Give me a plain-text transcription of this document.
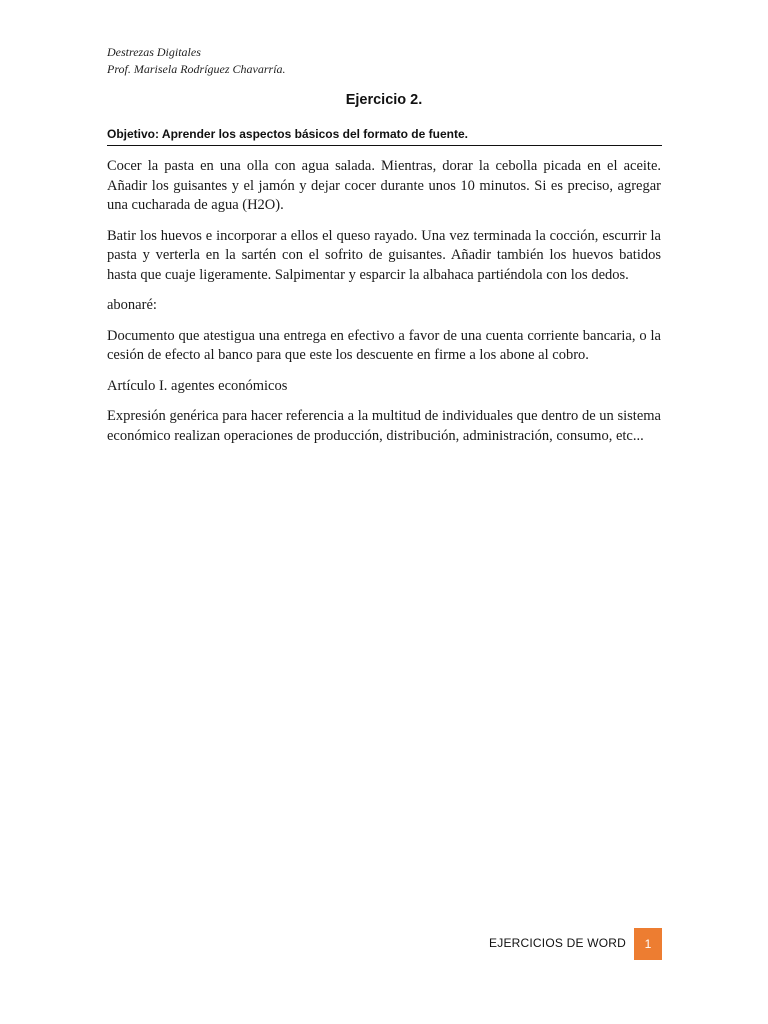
Destrezas Digitales
Prof. Marisela Rodríguez Chavarría.
Ejercicio 2.
Objetivo: Aprender los aspectos básicos del formato de fuente.

Cocer la pasta en una olla con agua salada. Mientras, dorar la cebolla picada en el aceite. Añadir los guisantes y el jamón y dejar cocer durante unos 10 minutos. Si es preciso, agregar una cucharada de agua (H2O).

Batir los huevos e incorporar a ellos el queso rayado. Una vez terminada la cocción, escurrir la pasta y verterla en la sartén con el sofrito de guisantes. Añadir también los huevos batidos hasta que cuaje ligeramente. Salpimentar y esparcir la albahaca partiéndola con los dedos.

abonaré:

Documento que atestigua una entrega en efectivo a favor de una cuenta corriente bancaria, o la cesión de efecto al banco para que este los descuente en firme a los abone al cobro.

Artículo I. agentes económicos

Expresión genérica para hacer referencia a la multitud de individuales que dentro de un sistema económico realizan operaciones de producción, distribución, administración, consumo, etc...

EJERCICIOS DE WORD	1
